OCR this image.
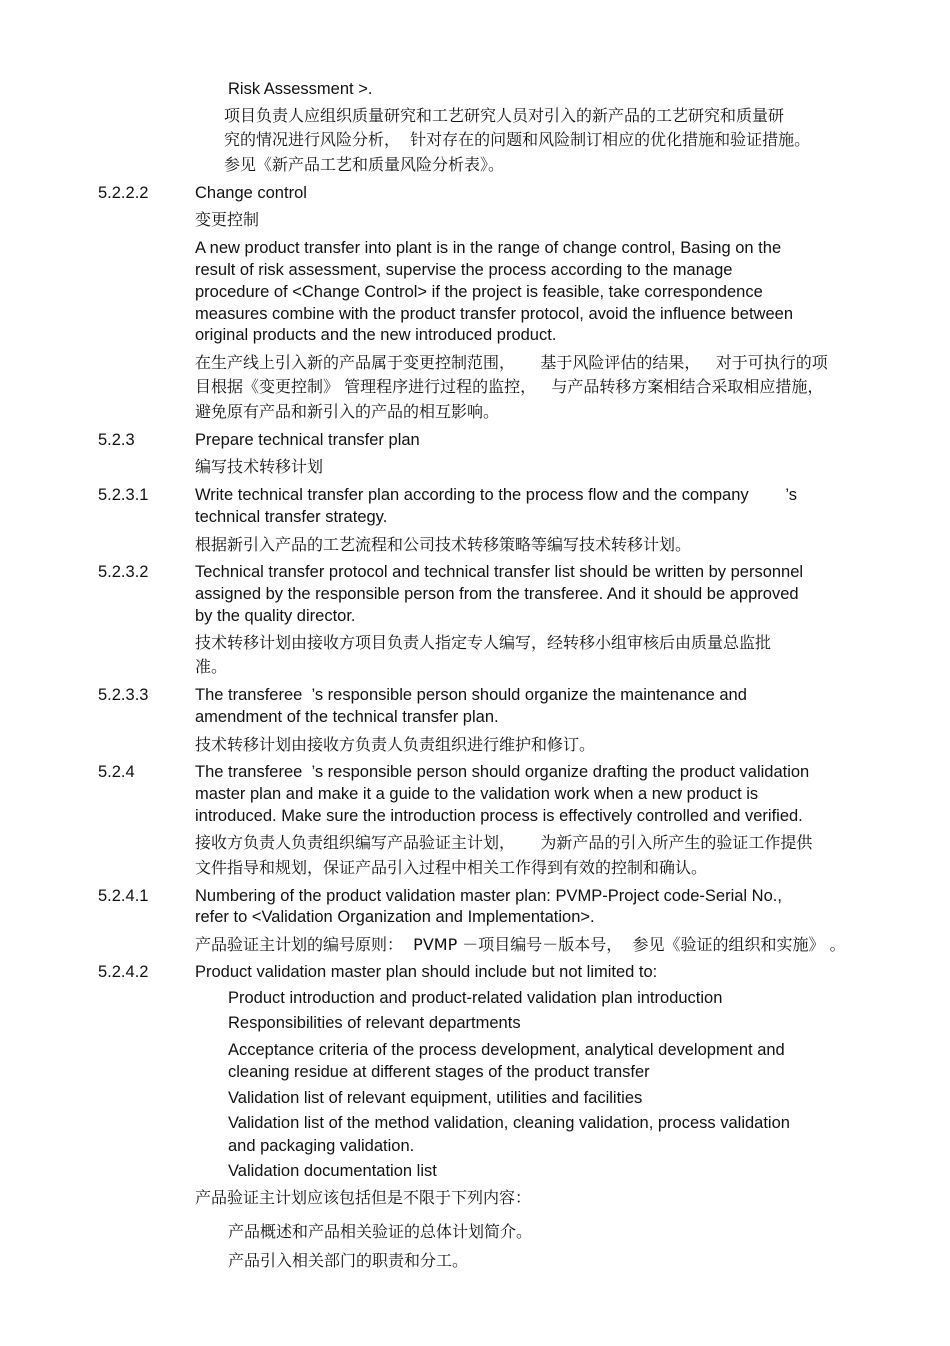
Risk Assessment >.
项目负责人应组织质量研究和工艺研究人员对引入的新产品的工艺研究和质量研
究的情况进行风险分析，  针对存在的问题和风险制订相应的优化措施和验证措施。
参见《新产品工艺和质量风险分析表》。
5.2.2.2	Change control
变更控制
A new product transfer into plant is in the range of change control, Basing on the
result of risk assessment, supervise the process according to the manage
procedure of <Change Control> if the project is feasible, take correspondence
measures combine with the product transfer protocol, avoid the influence between
original products and the new introduced product.
在生产线上引入新的产品属于变更控制范围，     基于风险评估的结果，   对于可执行的项
目根据《变更控制》 管理程序进行过程的监控，   与产品转移方案相结合采取相应措施，
避免原有产品和新引入的产品的相互影响。
5.2.3	Prepare technical transfer plan
编写技术转移计划
5.2.3.1	Write technical transfer plan according to the process flow and the company        ’s
technical transfer strategy.
根据新引入产品的工艺流程和公司技术转移策略等编写技术转移计划。
5.2.3.2	Technical transfer protocol and technical transfer list should be written by personnel
assigned by the responsible person from the transferee. And it should be approved
by the quality director.
技术转移计划由接收方项目负责人指定专人编写，经转移小组审核后由质量总监批
准。
5.2.3.3	The transferee  ’s responsible person should organize the maintenance and
amendment of the technical transfer plan.
技术转移计划由接收方负责人负责组织进行维护和修订。
5.2.4	The transferee  ’s responsible person should organize drafting the product validation
master plan and make it a guide to the validation work when a new product is
introduced. Make sure the introduction process is effectively controlled and verified.
接收方负责人负责组织编写产品验证主计划，     为新产品的引入所产生的验证工作提供
文件指导和规划，保证产品引入过程中相关工作得到有效的控制和确认。
5.2.4.1	Numbering of the product validation master plan: PVMP-Project code-Serial No.,
refer to <Validation Organization and Implementation>.
产品验证主计划的编号原则：  PVMP －项目编号－版本号，  参见《验证的组织和实施》 。
5.2.4.2	Product validation master plan should include but not limited to:
Product introduction and product-related validation plan introduction
Responsibilities of relevant departments
Acceptance criteria of the process development, analytical development and
cleaning residue at different stages of the product transfer
Validation list of relevant equipment, utilities and facilities
Validation list of the method validation, cleaning validation, process validation
and packaging validation.
Validation documentation list
产品验证主计划应该包括但是不限于下列内容：
产品概述和产品相关验证的总体计划简介。
产品引入相关部门的职责和分工。
